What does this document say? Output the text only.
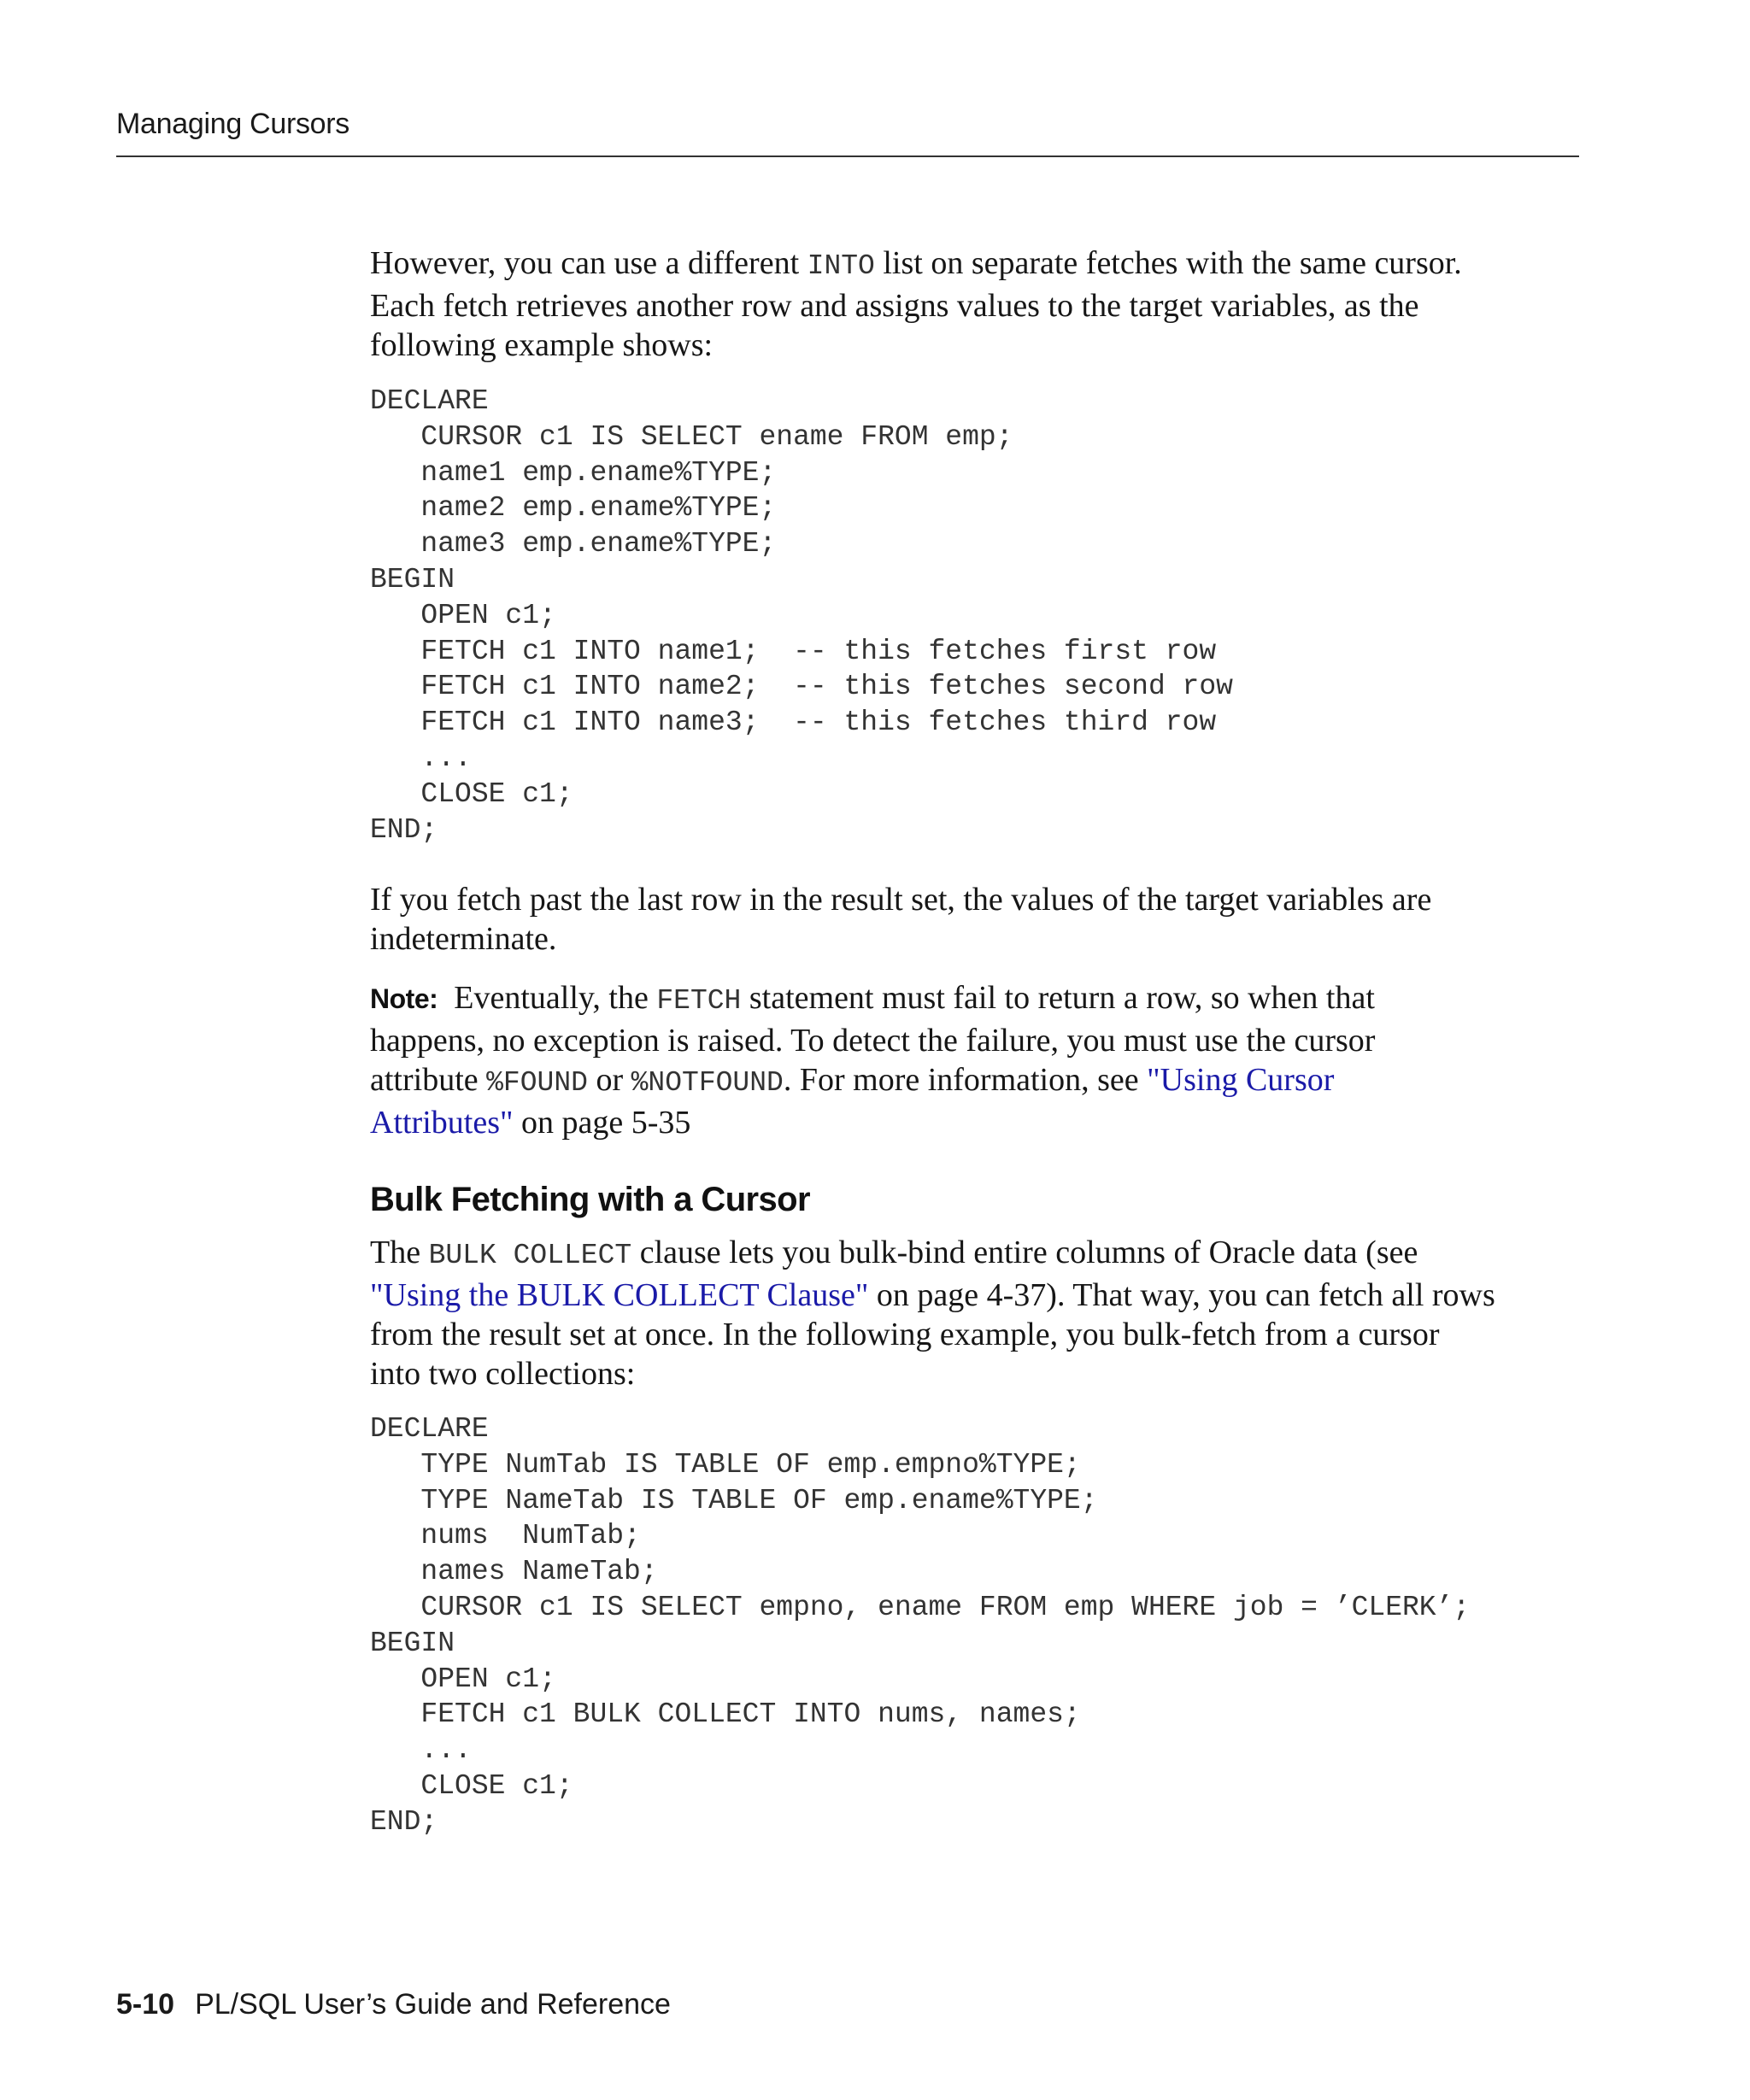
Managing Cursors

However, you can use a different INTO list on separate fetches with the same cursor.

Each fetch retrieves another row and assigns values to the target variables, as the

following example shows:

DECLARE
CURSOR c1 IS SELECT ename FROM emp;
name1 emp.ename%TYPE;
name2 emp.ename%TYPE;
name3 emp.ename%TYPE;
BEGIN
OPEN c1;
FETCH c1 INTO name1;  -- this fetches first row
FETCH c1 INTO name2;  -- this fetches second row
FETCH c1 INTO name3;  -- this fetches third row
...
CLOSE c1;
END;

If you fetch past the last row in the result set, the values of the target variables are

indeterminate.

Note:  Eventually, the FETCH statement must fail to return a row, so when that

happens, no exception is raised. To detect the failure, you must use the cursor

attribute %FOUND or %NOTFOUND. For more information, see "Using Cursor

Attributes" on page 5-35

Bulk Fetching with a Cursor

The BULK COLLECT clause lets you bulk-bind entire columns of Oracle data (see

"Using the BULK COLLECT Clause" on page 4-37). That way, you can fetch all rows

from the result set at once. In the following example, you bulk-fetch from a cursor

into two collections:

DECLARE
TYPE NumTab IS TABLE OF emp.empno%TYPE;
TYPE NameTab IS TABLE OF emp.ename%TYPE;
nums  NumTab;
names NameTab;
CURSOR c1 IS SELECT empno, ename FROM emp WHERE job = ’CLERK’;
BEGIN
OPEN c1;
FETCH c1 BULK COLLECT INTO nums, names;
...
CLOSE c1;
END;
5-10 PL/SQL User’s Guide and Reference
